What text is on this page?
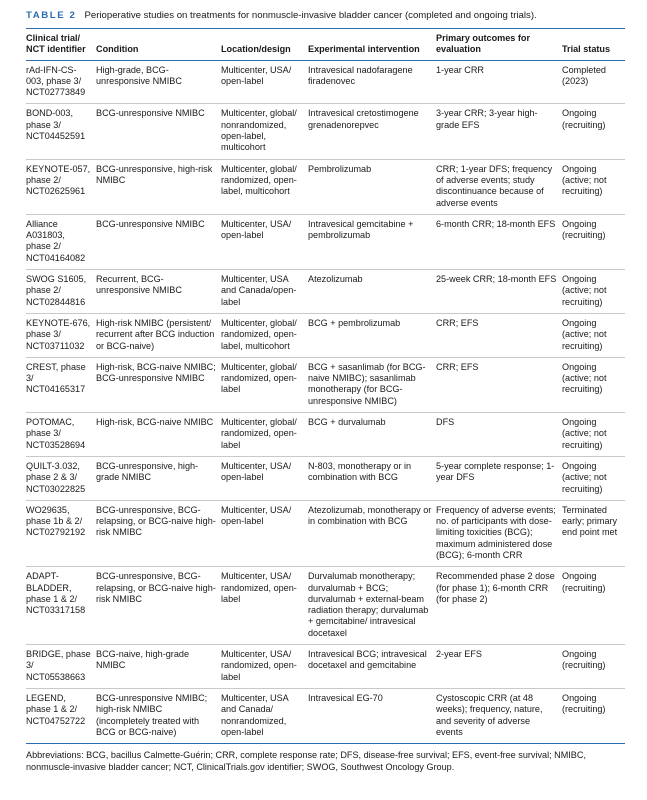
TABLE 2 Perioperative studies on treatments for nonmuscle-invasive bladder cancer (completed and ongoing trials).
Clinical trial/ NCT identifier	Condition	Location/design	Experimental intervention	Primary outcomes for evaluation	Trial status
rAd-IFN-CS-003, phase 3/ NCT02773849	High-grade, BCG-unresponsive NMIBC	Multicenter, USA/ open-label	Intravesical nadofaragene firadenovec	1-year CRR	Completed (2023)
BOND-003, phase 3/ NCT04452591	BCG-unresponsive NMIBC	Multicenter, global/ nonrandomized, open-label, multicohort	Intravesical cretostimogene grenadenorepvec	3-year CRR; 3-year high-grade EFS	Ongoing (recruiting)
KEYNOTE-057, phase 2/ NCT02625961	BCG-unresponsive, high-risk NMIBC	Multicenter, global/ randomized, open-label, multicohort	Pembrolizumab	CRR; 1-year DFS; frequency of adverse events; study discontinuance because of adverse events	Ongoing (active; not recruiting)
Alliance A031803, phase 2/ NCT04164082	BCG-unresponsive NMIBC	Multicenter, USA/ open-label	Intravesical gemcitabine + pembrolizumab	6-month CRR; 18-month EFS	Ongoing (recruiting)
SWOG S1605, phase 2/ NCT02844816	Recurrent, BCG-unresponsive NMIBC	Multicenter, USA and Canada/open-label	Atezolizumab	25-week CRR; 18-month EFS	Ongoing (active; not recruiting)
KEYNOTE-676, phase 3/ NCT03711032	High-risk NMIBC (persistent/ recurrent after BCG induction or BCG-naive)	Multicenter, global/ randomized, open-label, multicohort	BCG + pembrolizumab	CRR; EFS	Ongoing (active; not recruiting)
CREST, phase 3/ NCT04165317	High-risk, BCG-naive NMIBC; BCG-unresponsive NMIBC	Multicenter, global/ randomized, open-label	BCG + sasanlimab (for BCG-naive NMIBC); sasanlimab monotherapy (for BCG-unresponsive NMIBC)	CRR; EFS	Ongoing (active; not recruiting)
POTOMAC, phase 3/ NCT03528694	High-risk, BCG-naive NMIBC	Multicenter, global/ randomized, open-label	BCG + durvalumab	DFS	Ongoing (active; not recruiting)
QUILT-3.032, phase 2 & 3/ NCT03022825	BCG-unresponsive, high-grade NMIBC	Multicenter, USA/ open-label	N-803, monotherapy or in combination with BCG	5-year complete response; 1-year DFS	Ongoing (active; not recruiting)
WO29635, phase 1b & 2/ NCT02792192	BCG-unresponsive, BCG-relapsing, or BCG-naive high-risk NMIBC	Multicenter, USA/ open-label	Atezolizumab, monotherapy or in combination with BCG	Frequency of adverse events; no. of participants with dose-limiting toxicities (BCG); maximum administered dose (BCG); 6-month CRR	Terminated early; primary end point met
ADAPT-BLADDER, phase 1 & 2/ NCT03317158	BCG-unresponsive, BCG-relapsing, or BCG-naive high-risk NMIBC	Multicenter, USA/ randomized, open-label	Durvalumab monotherapy; durvalumab + BCG; durvalumab + external-beam radiation therapy; durvalumab + gemcitabine/ intravesical docetaxel	Recommended phase 2 dose (for phase 1); 6-month CRR (for phase 2)	Ongoing (recruiting)
BRIDGE, phase 3/ NCT05538663	BCG-naive, high-grade NMIBC	Multicenter, USA/ randomized, open-label	Intravesical BCG; intravesical docetaxel and gemcitabine	2-year EFS	Ongoing (recruiting)
LEGEND, phase 1 & 2/ NCT04752722	BCG-unresponsive NMIBC; high-risk NMIBC (incompletely treated with BCG or BCG-naive)	Multicenter, USA and Canada/ nonrandomized, open-label	Intravesical EG-70	Cystoscopic CRR (at 48 weeks); frequency, nature, and severity of adverse events	Ongoing (recruiting)
Abbreviations: BCG, bacillus Calmette-Guérin; CRR, complete response rate; DFS, disease-free survival; EFS, event-free survival; NMIBC, nonmuscle-invasive bladder cancer; NCT, ClinicalTrials.gov identifier; SWOG, Southwest Oncology Group.
